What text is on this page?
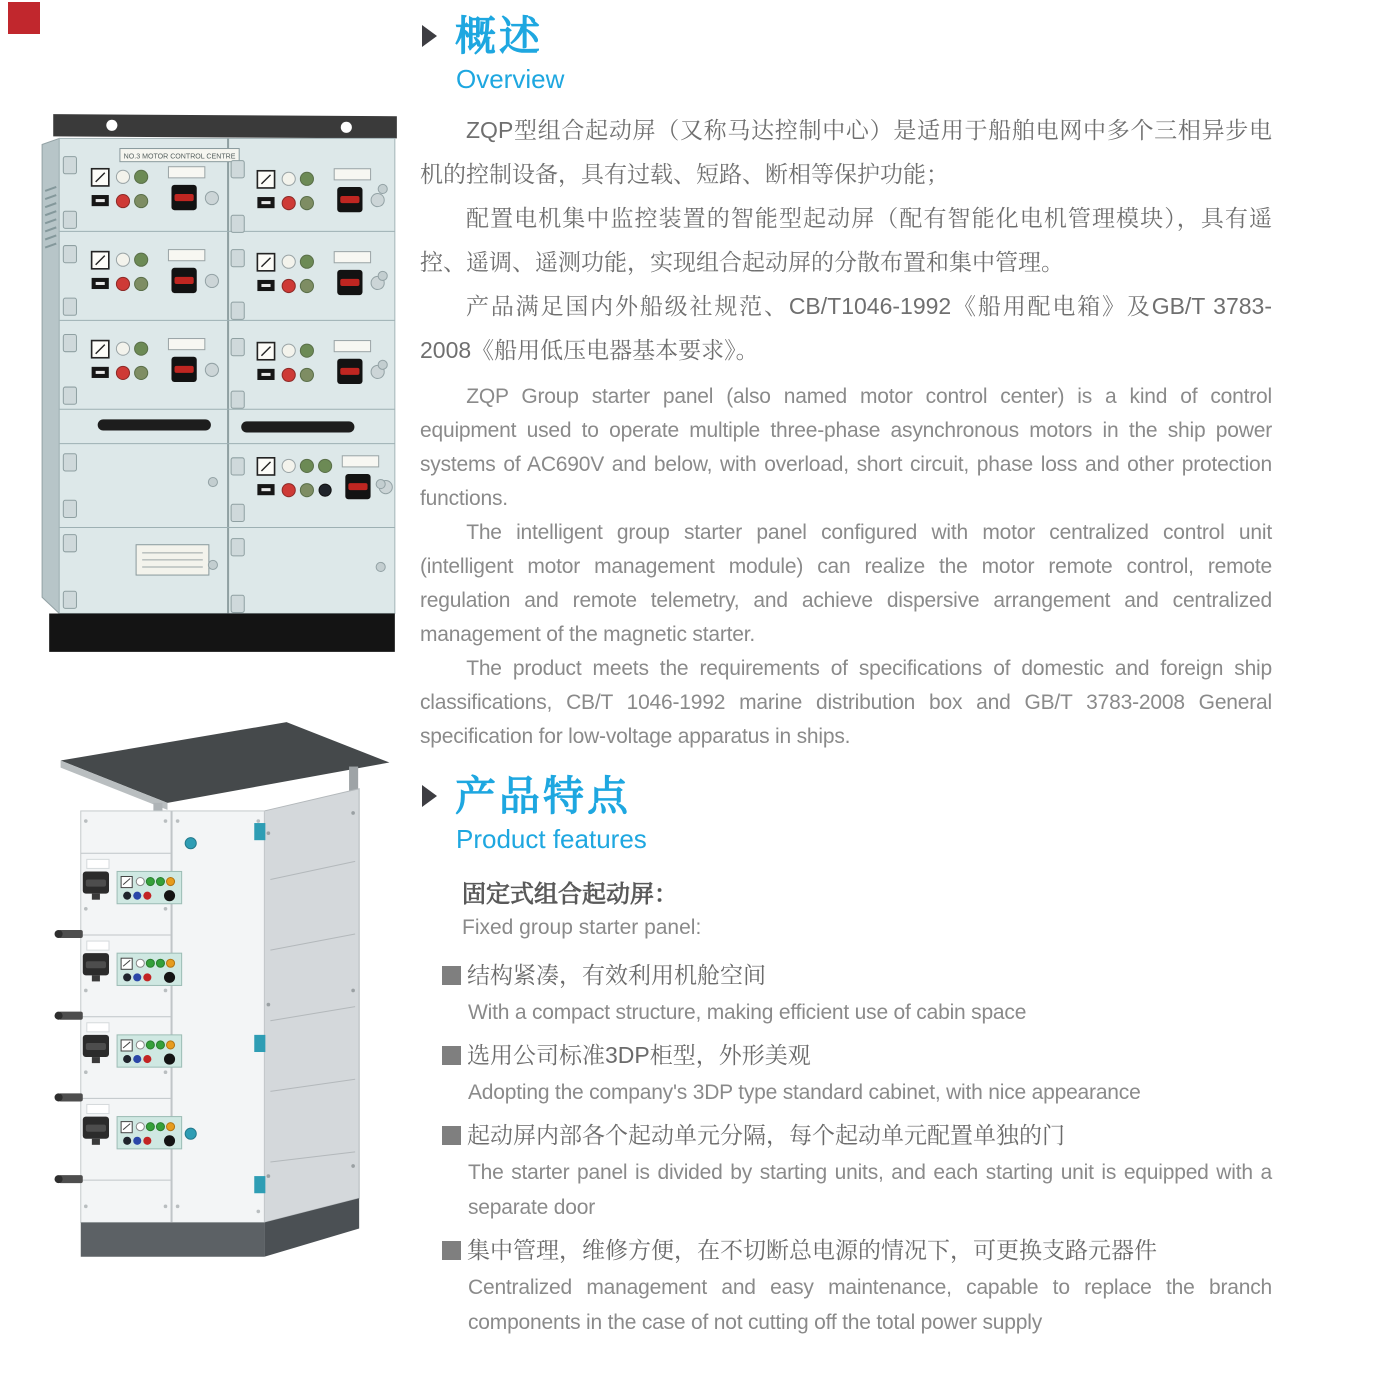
NO.3 MOTOR CONTROL CENTRE
概述
Overview

ZQP型组合起动屏（又称马达控制中心）是适用于船舶电网中多个三相异步电机的控制设备，具有过载、短路、断相等保护功能；

配置电机集中监控装置的智能型起动屏（配有智能化电机管理模块），具有遥控、遥调、遥测功能，实现组合起动屏的分散布置和集中管理。

产品满足国内外船级社规范、CB/T1046-1992《船用配电箱》及GB/T 3783-2008《船用低压电器基本要求》。

ZQP Group starter panel (also named motor control center) is a kind of control equipment used to operate multiple three-phase asynchronous motors in the ship power systems of AC690V and below, with overload, short circuit, phase loss and other protection functions.

The intelligent group starter panel configured with motor centralized control unit (intelligent motor management module) can realize the motor remote control, remote regulation and remote telemetry, and achieve dispersive arrangement and centralized management of the magnetic starter.

The product meets the requirements of specifications of domestic and foreign ship classifications, CB/T 1046-1992 marine distribution box and GB/T 3783-2008 General specification for low-voltage apparatus in ships.

产品特点
Product features
固定式组合起动屏：
Fixed group starter panel:
结构紧凑，有效利用机舱空间

With a compact structure, making efficient use of cabin space

选用公司标准3DP柜型，外形美观

Adopting the company's 3DP type standard cabinet, with nice appearance

起动屏内部各个起动单元分隔，每个起动单元配置单独的门

The starter panel is divided by starting units, and each starting unit is equipped with a separate door

集中管理，维修方便，在不切断总电源的情况下，可更换支路元器件

Centralized management and easy maintenance, capable to replace the branch components in the case of not cutting off the total power supply
